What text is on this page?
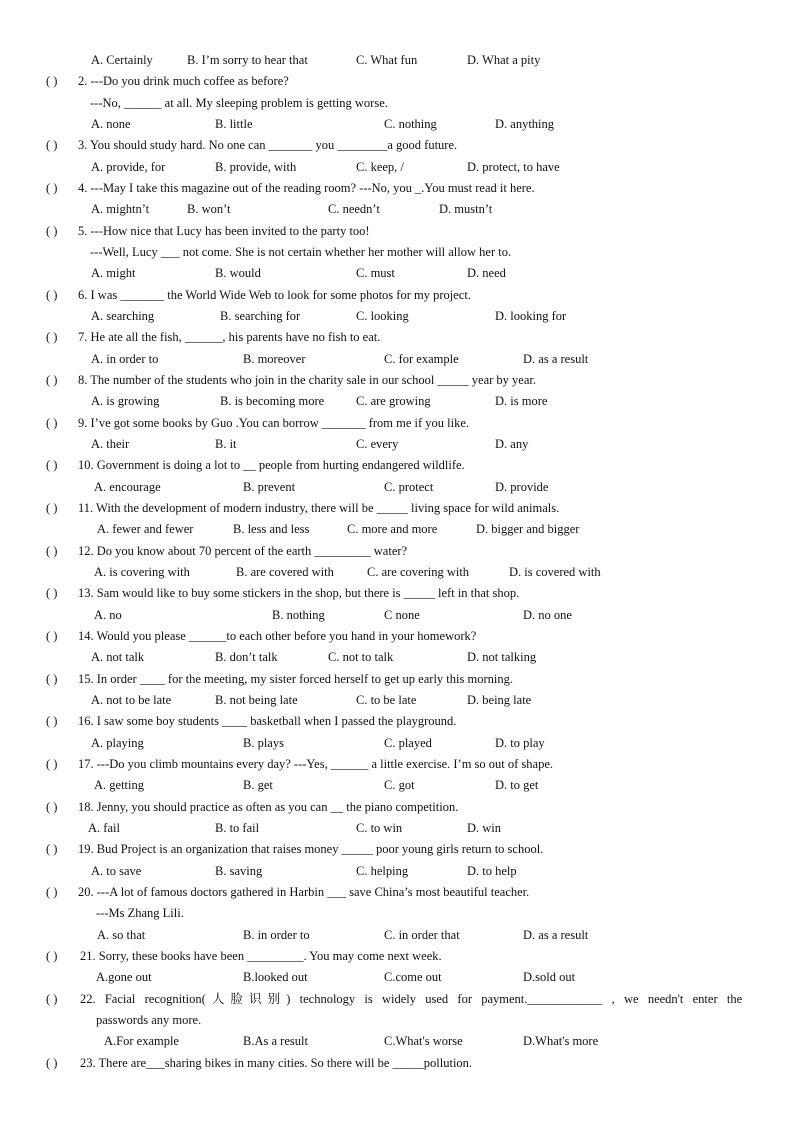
A. Certainly	B. I’m sorry to hear that	C. What fun	D. What a pity
( ) 2. ---Do you drink much coffee as before?
---No, ______ at all. My sleeping problem is getting worse.
A. none	B. little	C. nothing	D. anything
( ) 3. You should study hard. No one can _______ you ________a good future.
A. provide, for	B. provide, with	C. keep, /	D. protect, to have
( ) 4. ---May I take this magazine out of the reading room? ---No, you _.You must read it here.
A. mightn’t	B. won’t	C. needn’t	D. mustn’t
( ) 5. ---How nice that Lucy has been invited to the party too!
---Well, Lucy ___ not come. She is not certain whether her mother will allow her to.
A. might	B. would	C. must	D. need
( ) 6. I was _______ the World Wide Web to look for some photos for my project.
A. searching	B. searching for	C. looking	D. looking for
( ) 7. He ate all the fish, ______, his parents have no fish to eat.
A. in order to	B. moreover	C. for example	D. as a result
( ) 8. The number of the students who join in the charity sale in our school _____ year by year.
A. is growing	B. is becoming more	C. are growing	D. is more
( ) 9. I’ve got some books by Guo .You can borrow _______ from me if you like.
A. their	B. it	C. every	D. any
( ) 10. Government is doing a lot to __ people from hurting endangered wildlife.
A. encourage	B. prevent	C. protect	D. provide
( ) 11. With the development of modern industry, there will be _____ living space for wild animals.
A. fewer and fewer	B. less and less	C. more and more	D. bigger and bigger
( ) 12. Do you know about 70 percent of the earth _________ water?
A. is covering with	B. are covered with	C. are covering with	D. is covered with
( ) 13. Sam would like to buy some stickers in the shop, but there is _____ left in that shop.
A. no	B. nothing	C none	D. no one
( ) 14. Would you please ______to each other before you hand in your homework?
A. not talk	B. don’t talk	C. not to talk	D. not talking
( ) 15. In order ____ for the meeting, my sister forced herself to get up early this morning.
A. not to be late	B. not being late	C. to be late	D. being late
( ) 16. I saw some boy students ____ basketball when I passed the playground.
A. playing	B. plays	C. played	D. to play
( ) 17. ---Do you climb mountains every day? ---Yes, ______ a little exercise. I’m so out of shape.
A. getting	B. get	C. got	D. to get
( ) 18. Jenny, you should practice as often as you can __ the piano competition.
A. fail	B. to fail	C. to win	D. win
( ) 19. Bud Project is an organization that raises money _____ poor young girls return to school.
A. to save	B. saving	C. helping	D. to help
( ) 20. ---A lot of famous doctors gathered in Harbin ___ save China’s most beautiful teacher.
---Ms Zhang Lili.
A. so that	B. in order to	C. in order that	D. as a result
( ) 21. Sorry, these books have been _________. You may come next week.
A.gone out	B.looked out	C.come out	D.sold out
( ) 22. Facial recognition(人脸识别) technology is widely used for payment.____________ , we needn't enter the
passwords any more.
A.For example	B.As a result	C.What's worse	D.What's more
( ) 23. There are___sharing bikes in many cities. So there will be _____pollution.
